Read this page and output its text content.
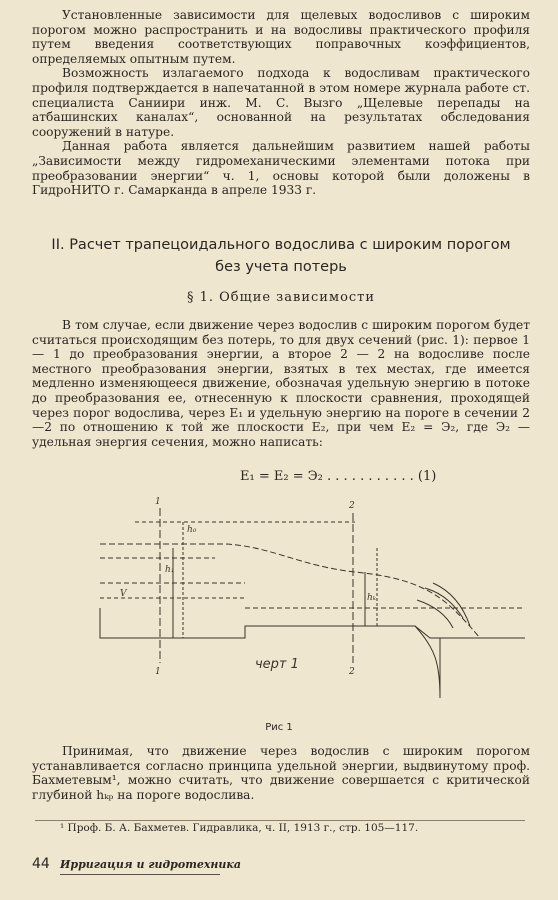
Установленные зависимости для щелевых водосливов с широким порогом можно распространить и на водосливы практического профиля путем введения соответствующих поправочных коэффициентов, определяемых опытным путем.

Возможность излагаемого подхода к водосливам практического профиля подтверждается в напечатанной в этом номере журнала работе ст. специалиста Саниири инж. М. С. Вызго „Щелевые перепады на атбашинских каналах“, основанной на результатах обследования сооружений в натуре.

Данная работа является дальнейшим развитием нашей работы „Зависимости между гидромеханическими элементами потока при преобразовании энергии“ ч. 1, основы которой были доложены в ГидроНИТО г. Самарканда в апреле 1933 г.

II. Расчет трапецоидального водослива с широким порогом
без учета потерь
§ 1. Общие зависимости

В том случае, если движение через водослив с широким порогом будет считаться происходящим без потерь, то для двух сечений (рис. 1): первое 1 — 1 до преобразования энергии, а второе 2 — 2 на водосливе после местного преобразования энергии, взятых в тех местах, где имеется медленно изменяющееся движение, обозначая удельную энергию в потоке до преобразования ее, отнесенную к плоскости сравнения, проходящей через порог водослива, через E₁ и удельную энергию на пороге в сечении 2—2 по отношению к той же плоскости E₂, при чем E₂ = Э₂, где Э₂ — удельная энергия сечения, можно написать:

E₁ = E₂ = Э₂ . . . . . . . . . . . (1)
1
1
2
2
h₀
h₁
V	hₖ
черт 1
Рис 1

Принимая, что движение через водослив с широким порогом устанавливается согласно принципа удельной энергии, выдвинутому проф. Бахметевым¹, можно считать, что движение совершается с критической глубиной hₖₚ на пороге водослива.

¹ Проф. Б. А. Бахметев. Гидравлика, ч. II, 1913 г., стр. 105—117.
44 Ирригация и гидротехника
